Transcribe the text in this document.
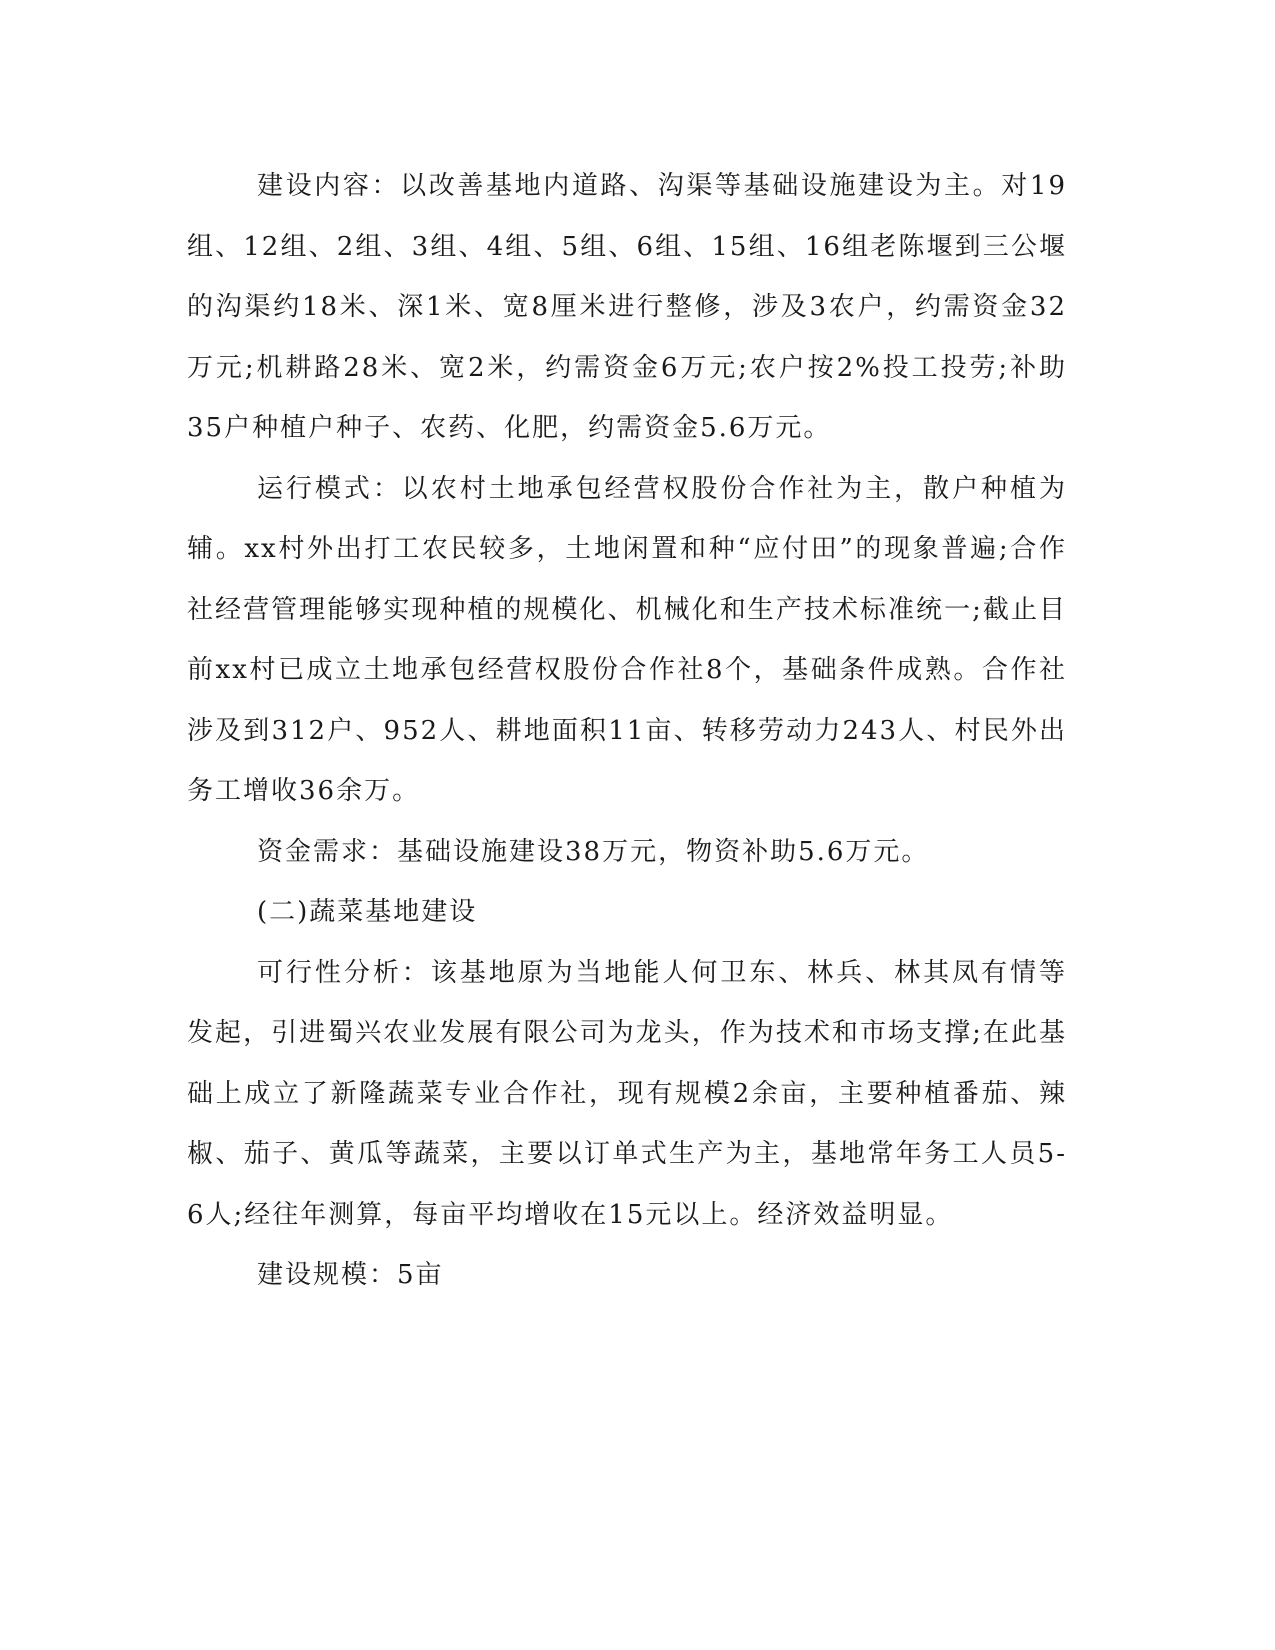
建设内容：以改善基地内道路、沟渠等基础设施建设为主。对19组、12组、2组、3组、4组、5组、6组、15组、16组老陈堰到三公堰的沟渠约18米、深1米、宽8厘米进行整修，涉及3农户，约需资金32万元;机耕路28米、宽2米，约需资金6万元;农户按2%投工投劳;补助35户种植户种子、农药、化肥，约需资金5.6万元。

运行模式：以农村土地承包经营权股份合作社为主，散户种植为辅。xx村外出打工农民较多，土地闲置和种“应付田”的现象普遍;合作社经营管理能够实现种植的规模化、机械化和生产技术标准统一;截止目前xx村已成立土地承包经营权股份合作社8个，基础条件成熟。合作社涉及到312户、952人、耕地面积11亩、转移劳动力243人、村民外出务工增收36余万。

资金需求：基础设施建设38万元，物资补助5.6万元。

(二)蔬菜基地建设

可行性分析：该基地原为当地能人何卫东、林兵、林其凤有情等发起，引进蜀兴农业发展有限公司为龙头，作为技术和市场支撑;在此基础上成立了新隆蔬菜专业合作社，现有规模2余亩，主要种植番茄、辣椒、茄子、黄瓜等蔬菜，主要以订单式生产为主，基地常年务工人员5-6人;经往年测算，每亩平均增收在15元以上。经济效益明显。

建设规模：5亩
